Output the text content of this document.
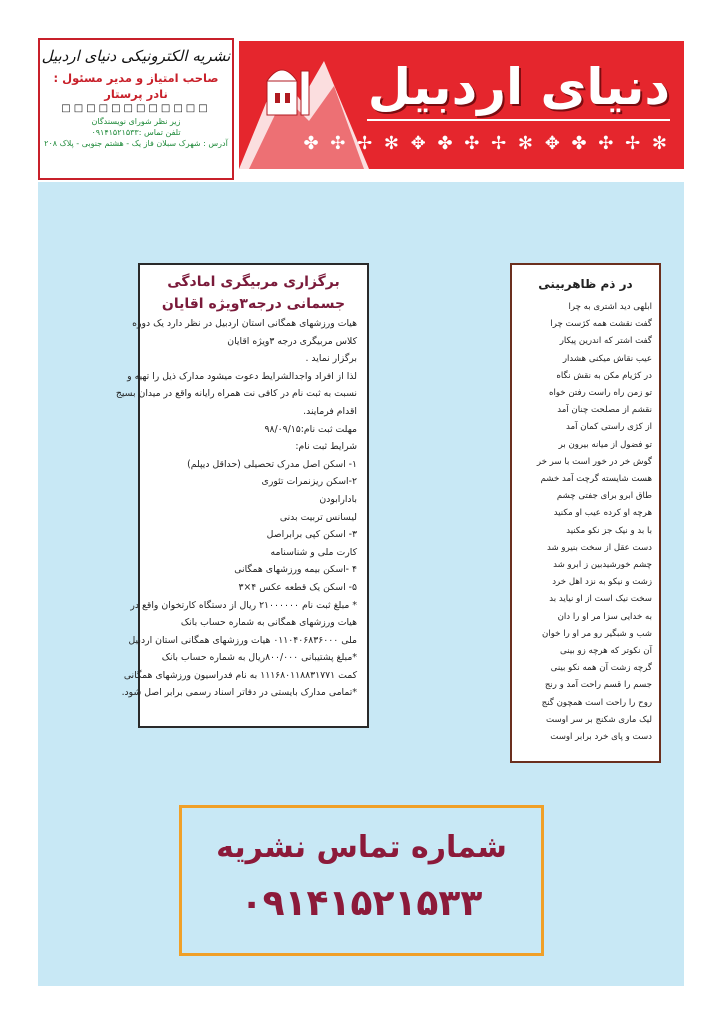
نشریه الکترونیکی دنیای اردبیل
صاحب امتیاز و مدیر مسئول :
نادر پرستار
□□□□□□□□□□□□
زیر نظر شورای نویسندگان
تلفن تماس :۰۹۱۴۱۵۲۱۵۳۳
آدرس : شهرک سبلان فاز یک - هشتم جنوبی - پلاک ۲۰۸
دنیای اردبیل
✻ ✢ ✣ ✤ ✥ ✻ ✢ ✣ ✤ ✥ ✻ ✢ ✣ ✤
برگزاری مربیگری امادگی جسمانی درجه۳ویژه اقایان
هیات ورزشهای همگانی استان اردبیل در نظر دارد یک دوره
کلاس مربیگری درجه ۳ویژه اقایان
برگزار نماید .
لذا از افراد واجدالشرایط دعوت میشود مدارک ذیل را تهیه و
نسبت به ثبت نام در کافی نت همراه رایانه واقع در میدان بسیج
اقدام فرمایند.
مهلت ثبت نام:۹۸/۰۹/۱۵
شرایط ثبت نام:
۱- اسکن اصل مدرک تحصیلی (حداقل دیپلم)
۲-اسکن ریزنمرات تئوری
بادارابودن
لیسانس تربیت بدنی
۳- اسکن کپی برابراصل
کارت ملی و شناسنامه
۴ -اسکن بیمه ورزشهای همگانی
۵- اسکن یک قطعه عکس ۴×۳
* مبلغ ثبت نام ۲۱۰۰۰۰۰۰ ریال از دستگاه کارتخوان واقع در
هیات ورزشهای همگانی به شماره حساب بانک
ملی ۰۱۱۰۴۰۶۸۳۶۰۰۰ هیات ورزشهای همگانی استان اردبیل
*مبلغ پشتیبانی ۸۰۰/۰۰۰ریال به شماره حساب بانک
کمت ۱۱۱۶۸۰۱۱۸۸۳۱۷۷۱ به نام فدراسیون ورزشهای همگانی
*تمامی مدارک بایستی در دفاتر اسناد رسمی برابر اصل شود.
در ذم ظاهربینی
ابلهی دید اشتری به چرا
گفت نقشت همه کژست چرا
گفت اشتر که اندرین پیکار
عیب نقاش میکنی هشدار
در کژیام مکن به نقش نگاه
تو زمن راه راست رفتن خواه
نقشم از مصلحت چنان آمد
از کژی راستی کمان آمد
تو فضول از میانه بیرون بر
گوش خر در خور است با سر خر
هست شایسته گرچت آمد خشم
طاق ابرو برای جفتی چشم
هرچه او کرده عیب او مکنید
با بد و نیک جز نکو مکنید
دست عقل از سخت بنیرو شد
چشم خورشیدبین ز ابرو شد
زشت و نیکو به نزد اهل خرد
سخت نیک است از او نیاید بد
به خدایی سزا مر او را دان
شب و شبگیر رو مر او را خوان
آن نکوتر که هرچه زو بینی
گرچه زشت آن همه نکو بینی
جسم را قسم راحت آمد و رنج
روح را راحت است همچون گنج
لیک ماری شکنج بر سر اوست
دست و پای خرد برابر اوست
شماره تماس نشریه
۰۹۱۴۱۵۲۱۵۳۳
